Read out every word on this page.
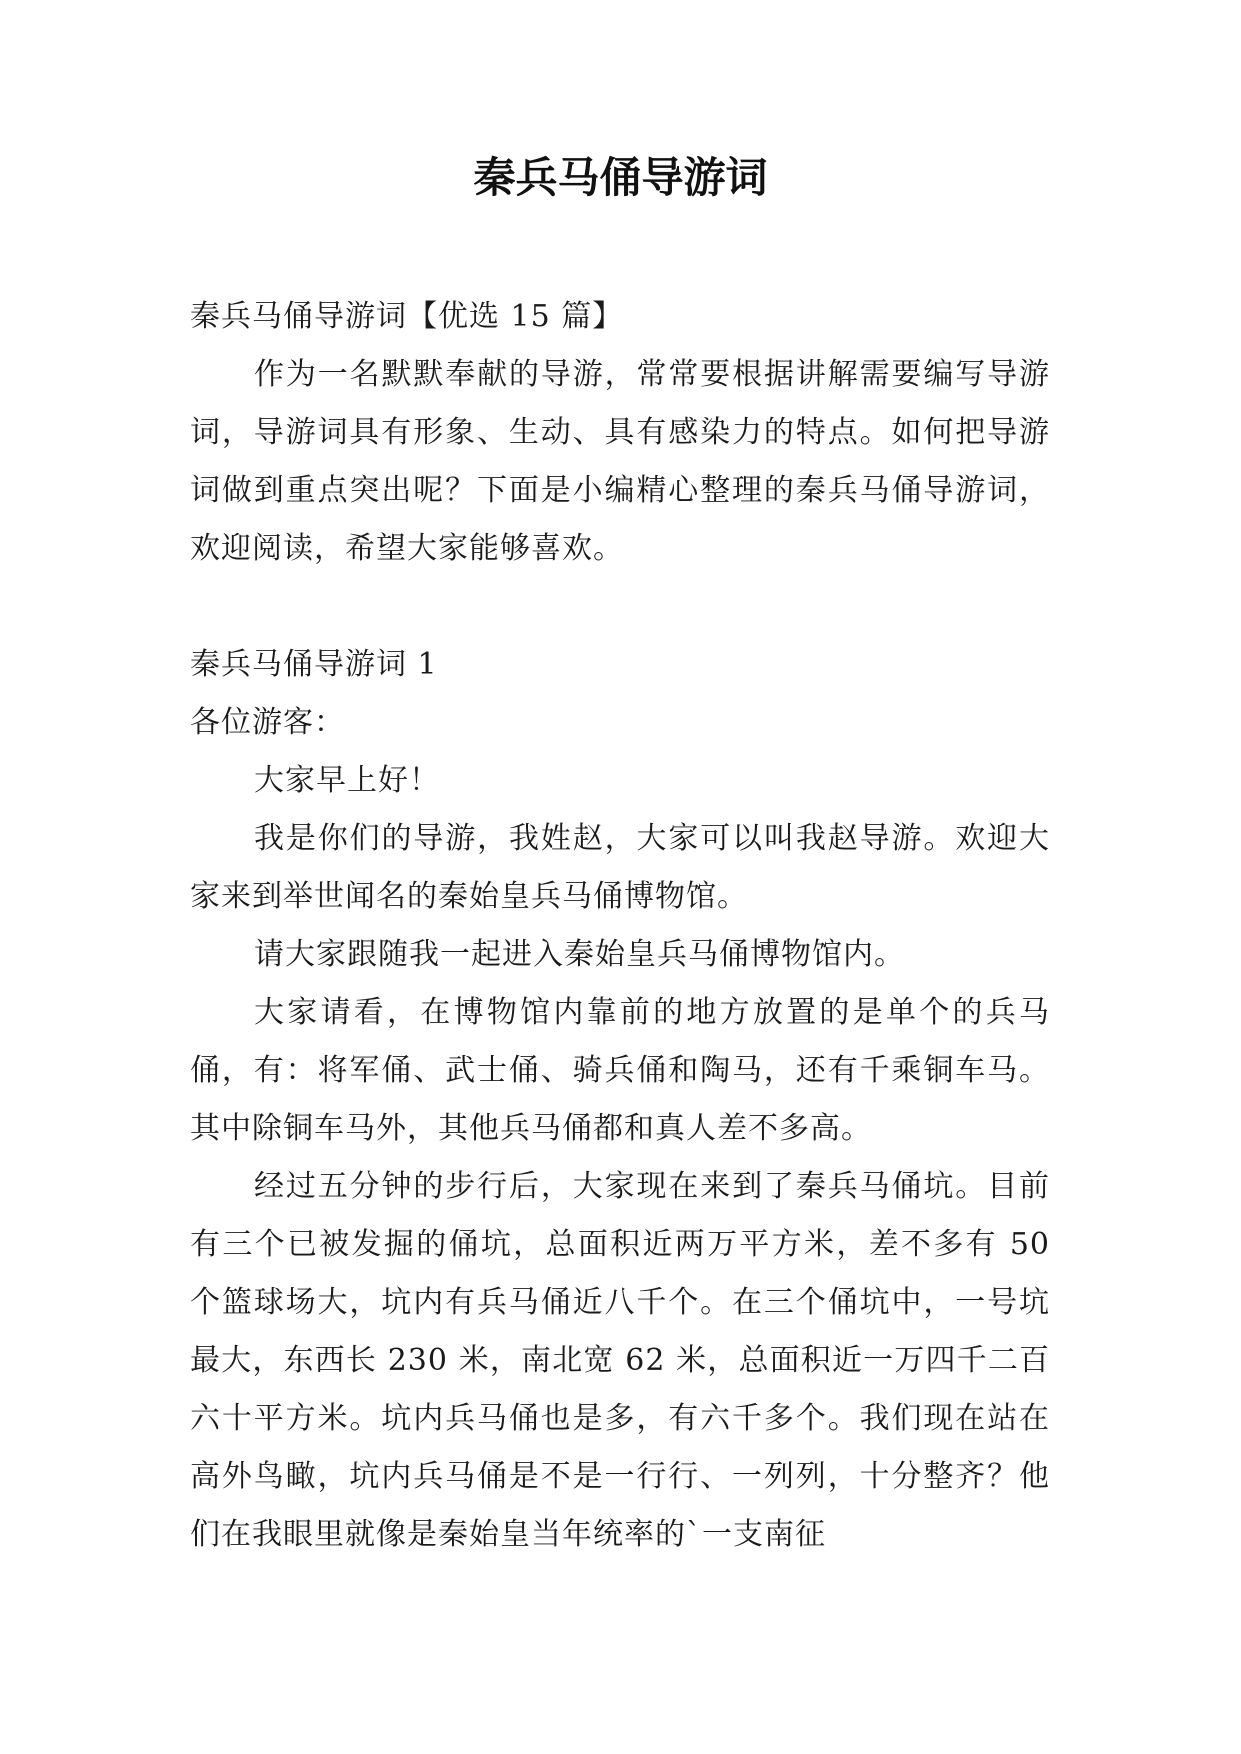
秦兵马俑导游词

秦兵马俑导游词【优选 15 篇】

作为一名默默奉献的导游，常常要根据讲解需要编写导游词，导游词具有形象、生动、具有感染力的特点。如何把导游词做到重点突出呢？下面是小编精心整理的秦兵马俑导游词，欢迎阅读，希望大家能够喜欢。

秦兵马俑导游词 1

各位游客：

大家早上好！

我是你们的导游，我姓赵，大家可以叫我赵导游。欢迎大家来到举世闻名的秦始皇兵马俑博物馆。

请大家跟随我一起进入秦始皇兵马俑博物馆内。

大家请看，在博物馆内靠前的地方放置的是单个的兵马俑，有：将军俑、武士俑、骑兵俑和陶马，还有千乘铜车马。其中除铜车马外，其他兵马俑都和真人差不多高。

经过五分钟的步行后，大家现在来到了秦兵马俑坑。目前有三个已被发掘的俑坑，总面积近两万平方米，差不多有 50 个篮球场大，坑内有兵马俑近八千个。在三个俑坑中，一号坑最大，东西长 230 米，南北宽 62 米，总面积近一万四千二百六十平方米。坑内兵马俑也是多，有六千多个。我们现在站在高外鸟瞰，坑内兵马俑是不是一行行、一列列，十分整齐？他们在我眼里就像是秦始皇当年统率的`一支南征
